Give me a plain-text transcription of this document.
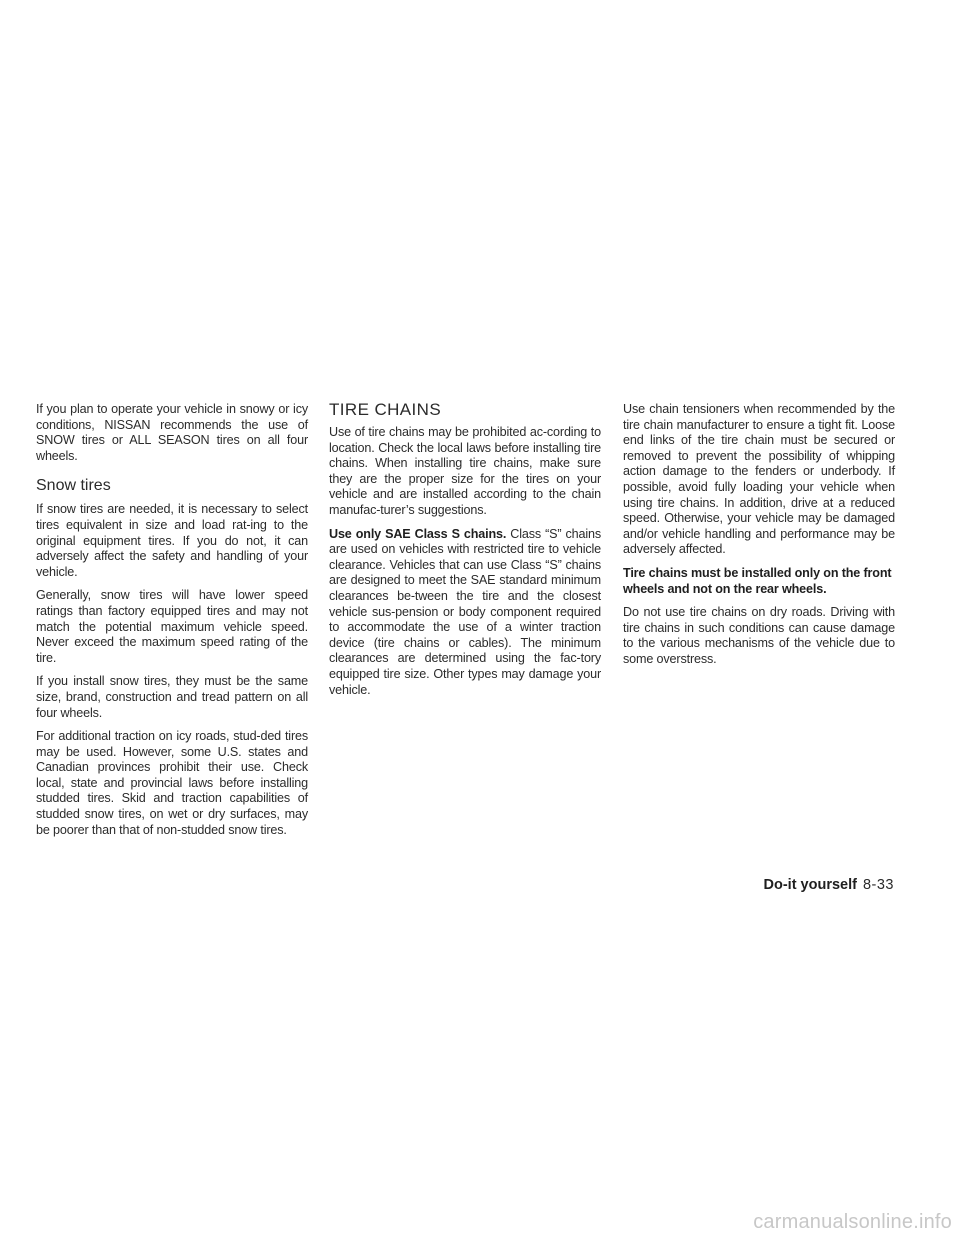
If you plan to operate your vehicle in snowy or icy conditions, NISSAN recommends the use of SNOW tires or ALL SEASON tires on all four wheels.

Snow tires

If snow tires are needed, it is necessary to select tires equivalent in size and load rat-ing to the original equipment tires. If you do not, it can adversely affect the safety and handling of your vehicle.

Generally, snow tires will have lower speed ratings than factory equipped tires and may not match the potential maximum vehicle speed. Never exceed the maximum speed rating of the tire.

If you install snow tires, they must be the same size, brand, construction and tread pattern on all four wheels.

For additional traction on icy roads, stud-ded tires may be used. However, some U.S. states and Canadian provinces prohibit their use. Check local, state and provincial laws before installing studded tires. Skid and traction capabilities of studded snow tires, on wet or dry surfaces, may be poorer than that of non-studded snow tires.

TIRE CHAINS

Use of tire chains may be prohibited ac-cording to location. Check the local laws before installing tire chains. When installing tire chains, make sure they are the proper size for the tires on your vehicle and are installed according to the chain manufac-turer’s suggestions.

Use only SAE Class S chains. Class “S” chains are used on vehicles with restricted tire to vehicle clearance. Vehicles that can use Class “S” chains are designed to meet the SAE standard minimum clearances be-tween the tire and the closest vehicle sus-pension or body component required to accommodate the use of a winter traction device (tire chains or cables). The minimum clearances are determined using the fac-tory equipped tire size. Other types may damage your vehicle.

Use chain tensioners when recommended by the tire chain manufacturer to ensure a tight fit. Loose end links of the tire chain must be secured or removed to prevent the possibility of whipping action damage to the fenders or underbody. If possible, avoid fully loading your vehicle when using tire chains. In addition, drive at a reduced speed. Otherwise, your vehicle may be damaged and/or vehicle handling and performance may be adversely affected.

Tire chains must be installed only on the front wheels and not on the rear wheels.

Do not use tire chains on dry roads. Driving with tire chains in such conditions can cause damage to the various mechanisms of the vehicle due to some overstress.

Do-it yourself 8-33
carmanualsonline.info
